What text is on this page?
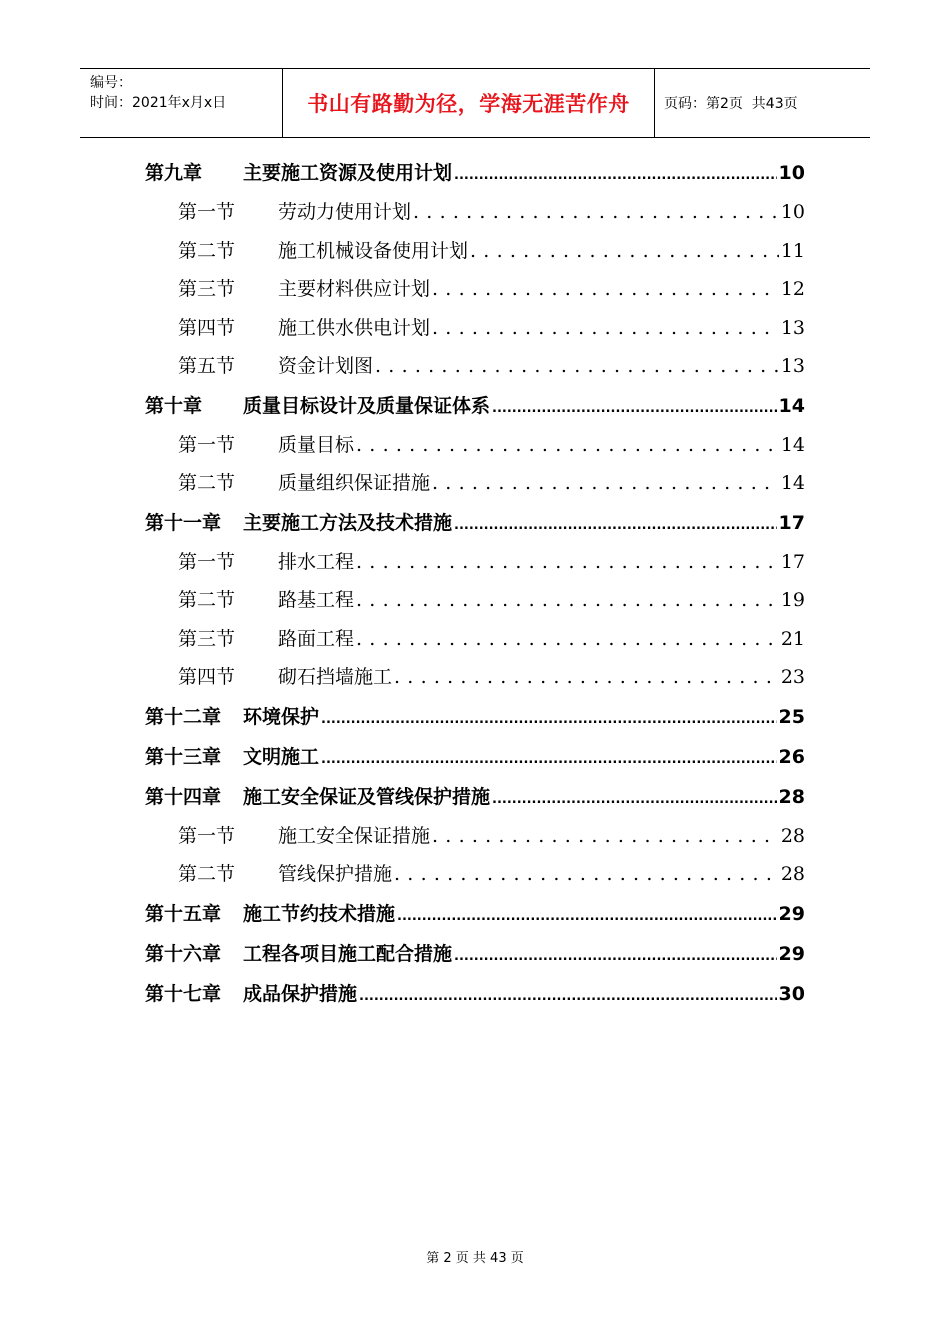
编号：
时间：2021年x月x日	书山有路勤为径，学海无涯苦作舟 页码：第2页  共43页
第九章	主要施工资源及使用计划 .....	10
第一节	劳动力使用计划 . . .	10
第二节	施工机械设备使用计划 . . .	11
第三节	主要材料供应计划 . . .	12
第四节	施工供水供电计划 . . .	13
第五节	资金计划图 . . .	13
第十章	质量目标设计及质量保证体系 .....	14
第一节	质量目标 . . .	14
第二节	质量组织保证措施 . . .	14
第十一章	主要施工方法及技术措施 .....	17
第一节	排水工程 . . .	17
第二节	路基工程 . . .	19
第三节	路面工程 . . .	21
第四节	砌石挡墙施工 . . .	23
第十二章	环境保护 .....	25
第十三章	文明施工 .....	26
第十四章	施工安全保证及管线保护措施 .....	28
第一节	施工安全保证措施 . . .	28
第二节	管线保护措施 . . .	28
第十五章	施工节约技术措施 .....	29
第十六章	工程各项目施工配合措施 .....	29
第十七章	成品保护措施 .....	30
第 2 页 共 43 页
